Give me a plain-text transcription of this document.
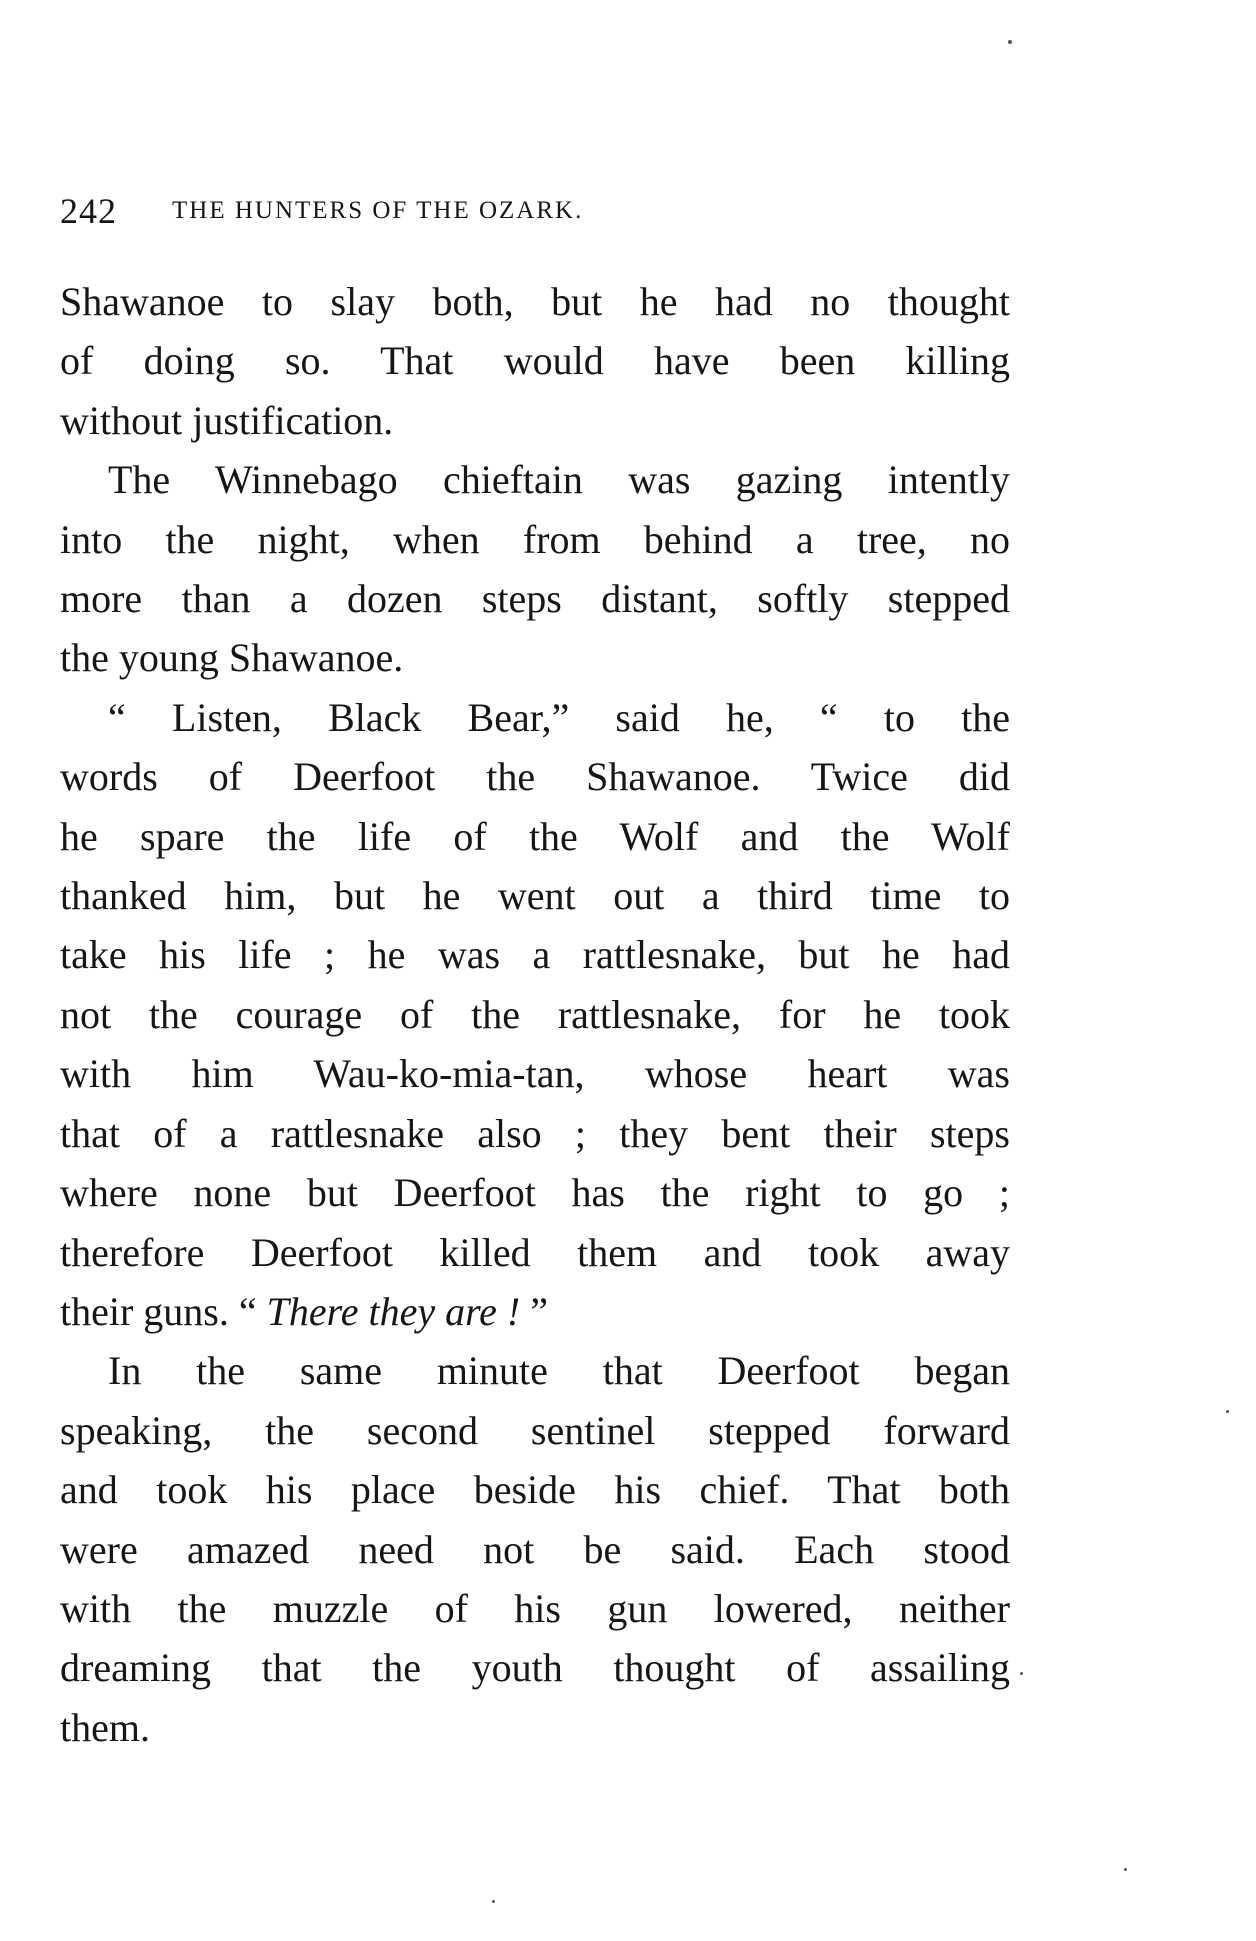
242 THE HUNTERS OF THE OZARK.

Shawanoe to slay both, but he had no thought
of doing so. That would have been killing
without justification.

The Winnebago chieftain was gazing intently
into the night, when from behind a tree, no
more than a dozen steps distant, softly stepped
the young Shawanoe.

“ Listen, Black Bear,” said he, “ to the
words of Deerfoot the Shawanoe. Twice did
he spare the life of the Wolf and the Wolf
thanked him, but he went out a third time to
take his life ; he was a rattlesnake, but he had
not the courage of the rattlesnake, for he took
with him Wau-ko-mia-tan, whose heart was
that of a rattlesnake also ; they bent their steps
where none but Deerfoot has the right to go ;
therefore Deerfoot killed them and took away
their guns. “ There they are ! ”

In the same minute that Deerfoot began
speaking, the second sentinel stepped forward
and took his place beside his chief. That both
were amazed need not be said. Each stood
with the muzzle of his gun lowered, neither
dreaming that the youth thought of assailing
them.
